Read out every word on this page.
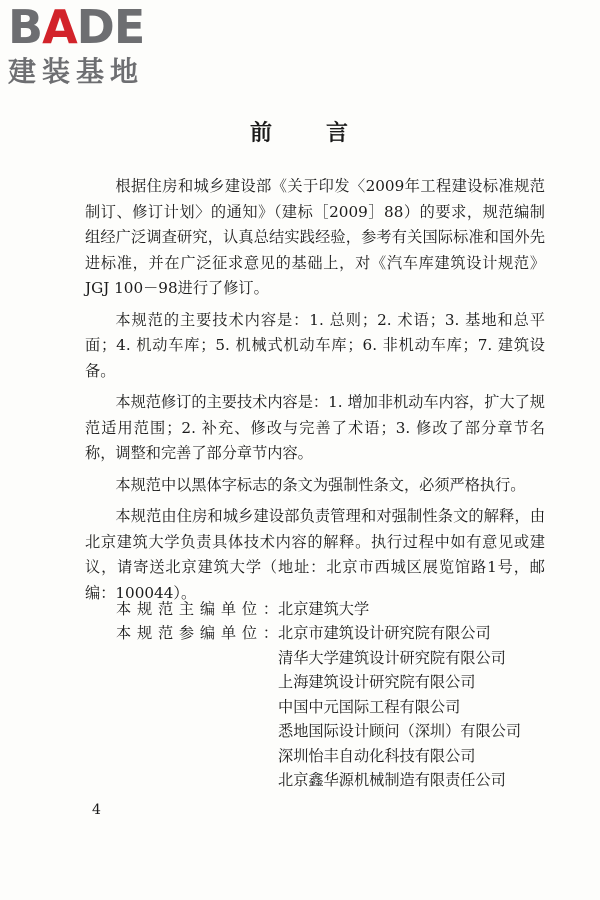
BADE
建装基地
前 言

根据住房和城乡建设部《关于印发〈2009年工程建设标准规范制订、修订计划〉的通知》（建标［2009］88）的要求，规范编制组经广泛调查研究，认真总结实践经验，参考有关国际标准和国外先进标准，并在广泛征求意见的基础上，对《汽车库建筑设计规范》JGJ 100－98进行了修订。

本规范的主要技术内容是：1. 总则；2. 术语；3. 基地和总平面；4. 机动车库；5. 机械式机动车库；6. 非机动车库；7. 建筑设备。

本规范修订的主要技术内容是：1. 增加非机动车内容，扩大了规范适用范围；2. 补充、修改与完善了术语；3. 修改了部分章节名称，调整和完善了部分章节内容。

本规范中以黑体字标志的条文为强制性条文，必须严格执行。

本规范由住房和城乡建设部负责管理和对强制性条文的解释，由北京建筑大学负责具体技术内容的解释。执行过程中如有意见或建议，请寄送北京建筑大学（地址：北京市西城区展览馆路1号，邮编：100044）。

本规范主编单位：北京建筑大学
本规范参编单位：北京市建筑设计研究院有限公司
清华大学建筑设计研究院有限公司
上海建筑设计研究院有限公司
中国中元国际工程有限公司
悉地国际设计顾问（深圳）有限公司
深圳怡丰自动化科技有限公司
北京鑫华源机械制造有限责任公司
4
